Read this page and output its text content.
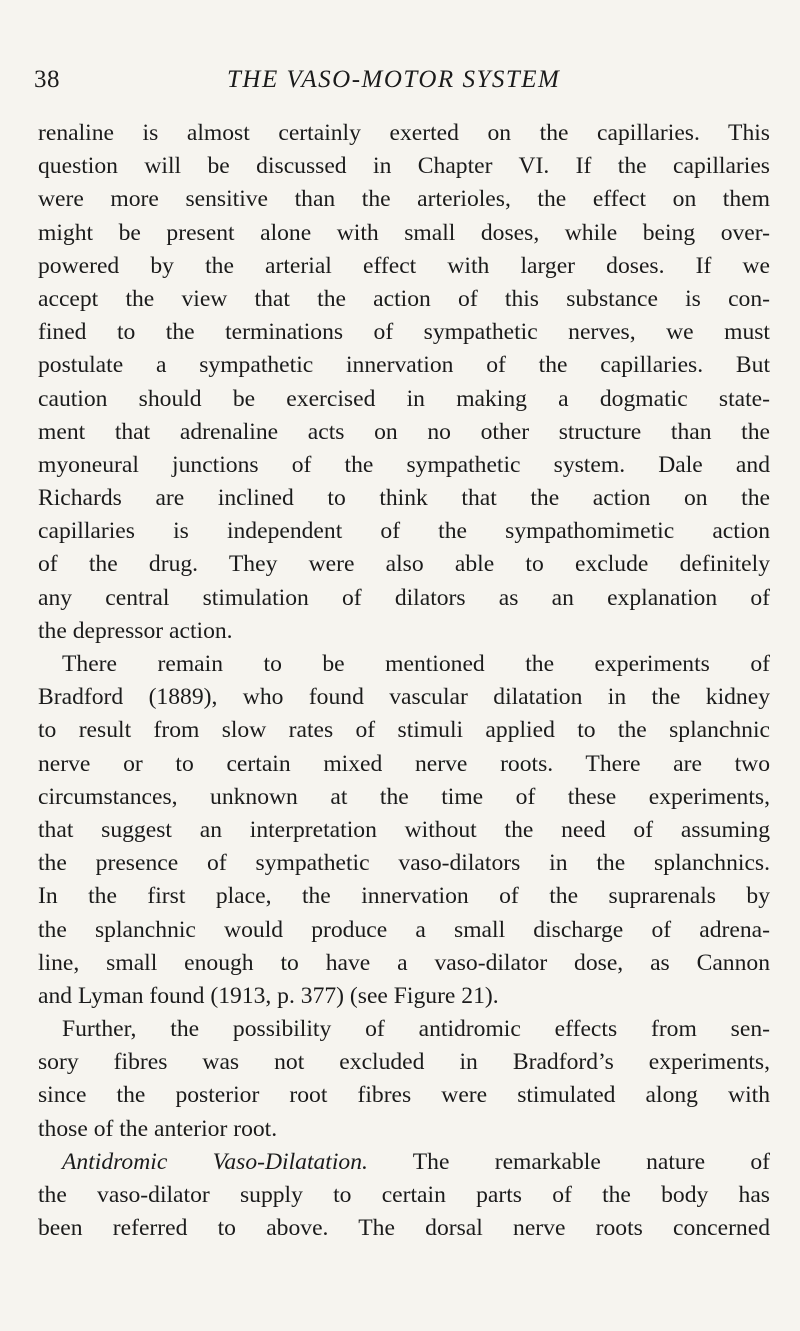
38	THE VASO-MOTOR SYSTEM
renaline is almost certainly exerted on the capillaries. This
question will be discussed in Chapter VI. If the capillaries
were more sensitive than the arterioles, the effect on them
might be present alone with small doses, while being over-
powered by the arterial effect with larger doses. If we
accept the view that the action of this substance is con-
fined to the terminations of sympathetic nerves, we must
postulate a sympathetic innervation of the capillaries. But
caution should be exercised in making a dogmatic state-
ment that adrenaline acts on no other structure than the
myoneural junctions of the sympathetic system. Dale and
Richards are inclined to think that the action on the
capillaries is independent of the sympathomimetic action
of the drug. They were also able to exclude definitely
any central stimulation of dilators as an explanation of
the depressor action.
There remain to be mentioned the experiments of
Bradford (1889), who found vascular dilatation in the kidney
to result from slow rates of stimuli applied to the splanchnic
nerve or to certain mixed nerve roots. There are two
circumstances, unknown at the time of these experiments,
that suggest an interpretation without the need of assuming
the presence of sympathetic vaso-dilators in the splanchnics.
In the first place, the innervation of the suprarenals by
the splanchnic would produce a small discharge of adrena-
line, small enough to have a vaso-dilator dose, as Cannon
and Lyman found (1913, p. 377) (see Figure 21).
Further, the possibility of antidromic effects from sen-
sory fibres was not excluded in Bradford’s experiments,
since the posterior root fibres were stimulated along with
those of the anterior root.
Antidromic Vaso-Dilatation. The remarkable nature of
the vaso-dilator supply to certain parts of the body has
been referred to above. The dorsal nerve roots concerned
